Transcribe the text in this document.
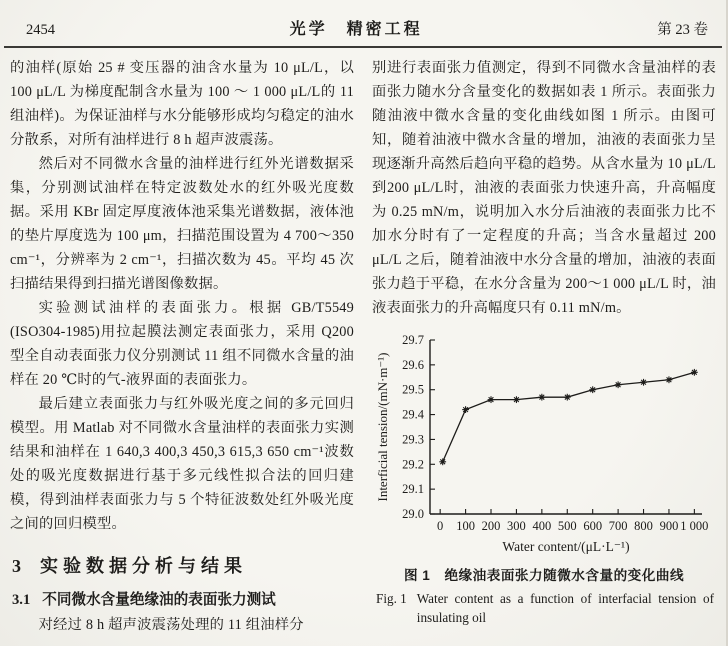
2454	光学　精密工程	第 23 卷

的油样(原始 25 # 变压器的油含水量为 10 μL/L，以 100 μL/L 为梯度配制含水量为 100 ～ 1 000 μL/L的 11 组油样)。为保证油样与水分能够形成均匀稳定的油水分散系，对所有油样进行 8 h 超声波震荡。

然后对不同微水含量的油样进行红外光谱数据采集，分别测试油样在特定波数处水的红外吸光度数据。采用 KBr 固定厚度液体池采集光谱数据，液体池的垫片厚度选为 100 μm，扫描范围设置为 4 700～350 cm⁻¹，分辨率为 2 cm⁻¹，扫描次数为 45。平均 45 次扫描结果得到扫描光谱图像数据。

实验测试油样的表面张力。根据 GB/T5549 (ISO304-1985)用拉起膜法测定表面张力，采用 Q200 型全自动表面张力仪分别测试 11 组不同微水含量的油样在 20 ℃时的气-液界面的表面张力。

最后建立表面张力与红外吸光度之间的多元回归模型。用 Matlab 对不同微水含量油样的表面张力实测结果和油样在 1 640,3 400,3 450,3 615,3 650 cm⁻¹波数处的吸光度数据进行基于多元线性拟合法的回归建模，得到油样表面张力与 5 个特征波数处红外吸光度之间的回归模型。

3 实验数据分析与结果
3.1 不同微水含量绝缘油的表面张力测试

对经过 8 h 超声波震荡处理的 11 组油样分

别进行表面张力值测定，得到不同微水含量油样的表面张力随水分含量变化的数据如表 1 所示。表面张力随油液中微水含量的变化曲线如图 1 所示。由图可知，随着油液中微水含量的增加，油液的表面张力呈现逐渐升高然后趋向平稳的趋势。从含水量为 10 μL/L 到200 μL/L时，油液的表面张力快速升高，升高幅度为 0.25 mN/m，说明加入水分后油液的表面张力比不加水分时有了一定程度的升高；当含水量超过 200 μL/L 之后，随着油液中水分含量的增加，油液的表面张力趋于平稳，在水分含量为 200～1 000 μL/L 时，油液表面张力的升高幅度只有 0.11 mN/m。

29.0
29.1
29.2
29.3
29.4
29.5
29.6
29.7
0 100 200 300 400 500 600 700 800 900 1 000
Water content/(μL·L⁻¹)
Interficial tension/(mN·m⁻¹)
图 1　绝缘油表面张力随微水含量的变化曲线
Fig. 1 Water content as a function of interfacial tension of insulating oil
